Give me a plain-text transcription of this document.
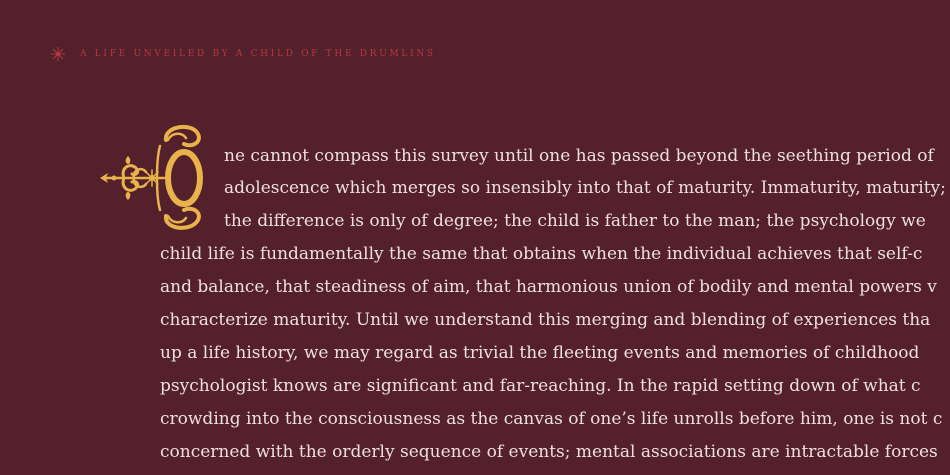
A LIFE UNVEILED BY A CHILD OF THE DRUMLINS
ne cannot compass this survey until one has passed beyond the seething period of
adolescence which merges so insensibly into that of maturity. Immaturity, maturity;
the difference is only of degree; the child is father to the man; the psychology we
child life is fundamentally the same that obtains when the individual achieves that self-c
and balance, that steadiness of aim, that harmonious union of bodily and mental powers v
characterize maturity. Until we understand this merging and blending of experiences tha
up a life history, we may regard as trivial the fleeting events and memories of childhood
psychologist knows are significant and far-reaching. In the rapid setting down of what c
crowding into the consciousness as the canvas of one’s life unrolls before him, one is not c
concerned with the orderly sequence of events; mental associations are intractable forces
